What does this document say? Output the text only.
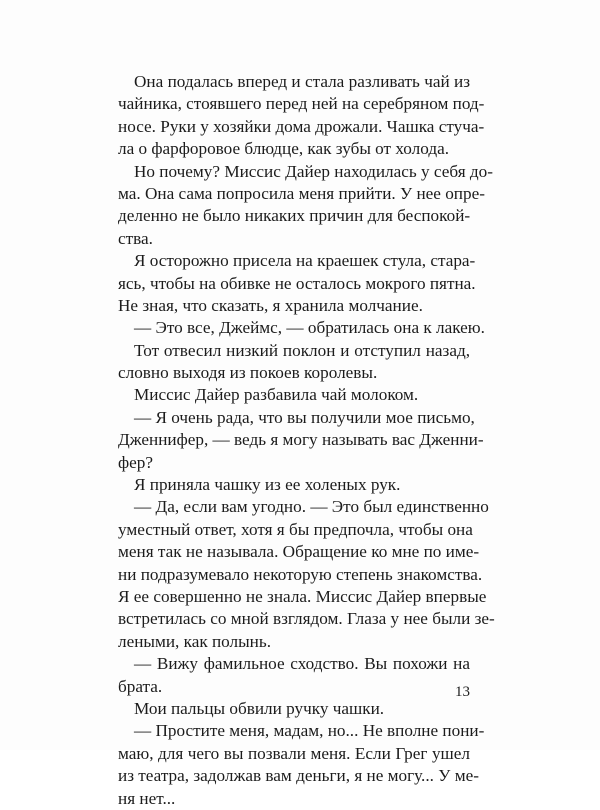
Она подалась вперед и стала разливать чай из
чайника, стоявшего перед ней на серебряном под-
носе. Руки у хозяйки дома дрожали. Чашка стуча-
ла о фарфоровое блюдце, как зубы от холода.
Но почему? Миссис Дайер находилась у себя до-
ма. Она сама попросила меня прийти. У нее опре-
деленно не было никаких причин для беспокой-
ства.
Я осторожно присела на краешек стула, стара-
ясь, чтобы на обивке не осталось мокрого пятна.
Не зная, что сказать, я хранила молчание.
— Это все, Джеймс, — обратилась она к лакею.
Тот отвесил низкий поклон и отступил назад,
словно выходя из покоев королевы.
Миссис Дайер разбавила чай молоком.
— Я очень рада, что вы получили мое письмо,
Дженнифер, — ведь я могу называть вас Дженни-
фер?
Я приняла чашку из ее холеных рук.
— Да, если вам угодно. — Это был единственно
уместный ответ, хотя я бы предпочла, чтобы она
меня так не называла. Обращение ко мне по име-
ни подразумевало некоторую степень знакомства.
Я ее совершенно не знала. Миссис Дайер впервые
встретилась со мной взглядом. Глаза у нее были зе-
леными, как полынь.
— Вижу фамильное сходство. Вы похожи на
брата.
Мои пальцы обвили ручку чашки.
— Простите меня, мадам, но... Не вполне пони-
маю, для чего вы позвали меня. Если Грег ушел
из театра, задолжав вам деньги, я не могу... У ме-
ня нет...
13
